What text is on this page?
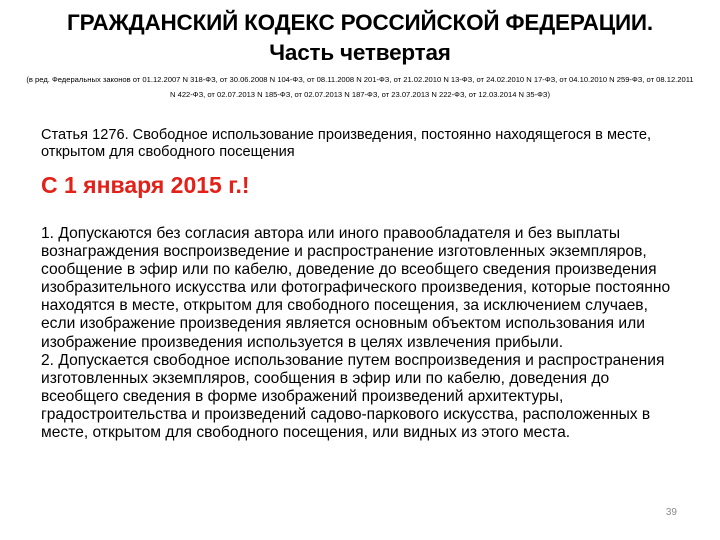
ГРАЖДАНСКИЙ КОДЕКС РОССИЙСКОЙ ФЕДЕРАЦИИ.
Часть четвертая
(в ред. Федеральных законов от 01.12.2007 N 318-ФЗ, от 30.06.2008 N 104-ФЗ, от 08.11.2008 N 201-ФЗ, от 21.02.2010 N 13-ФЗ, от 24.02.2010 N 17-ФЗ, от 04.10.2010 N 259-ФЗ, от 08.12.2011 N 422-ФЗ, от 02.07.2013 N 185-ФЗ, от 02.07.2013 N 187-ФЗ, от 23.07.2013 N 222-ФЗ, от 12.03.2014 N 35-ФЗ)
Статья 1276. Свободное использование произведения, постоянно находящегося в месте, открытом для свободного посещения
С 1 января 2015 г.!

1. Допускаются без согласия автора или иного правообладателя и без выплаты вознаграждения воспроизведение и распространение изготовленных экземпляров, сообщение в эфир или по кабелю, доведение до всеобщего сведения произведения изобразительного искусства или фотографического произведения, которые постоянно находятся в месте, открытом для свободного посещения, за исключением случаев, если изображение произведения является основным объектом использования или изображение произведения используется в целях извлечения прибыли.

2. Допускается свободное использование путем воспроизведения и распространения изготовленных экземпляров, сообщения в эфир или по кабелю, доведения до всеобщего сведения в форме изображений произведений архитектуры, градостроительства и произведений садово-паркового искусства, расположенных в месте, открытом для свободного посещения, или видных из этого места.

39
